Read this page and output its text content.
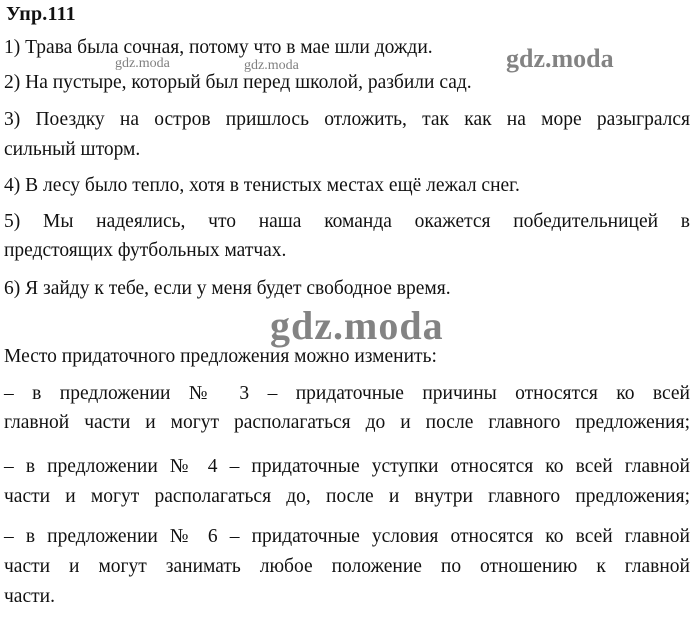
Упр.111
1) Трава была сочная, потому что в мае шли дожди.
2) На пустыре, который был перед школой, разбили сад.
3) Поездку на остров пришлось отложить, так как на море разыгрался
сильный шторм.
4) В лесу было тепло, хотя в тенистых местах ещё лежал снег.
5) Мы надеялись, что наша команда окажется победительницей в
предстоящих футбольных матчах.
6) Я зайду к тебе, если у меня будет свободное время.
Место придаточного предложения можно изменить:
– в предложении № 3 – придаточные причины относятся ко всей
главной части и могут располагаться до и после главного предложения;
– в предложении № 4 – придаточные уступки относятся ко всей главной
части и могут располагаться до, после и внутри главного предложения;
– в предложении № 6 – придаточные условия относятся ко всей главной
части и могут занимать любое положение по отношению к главной
части.
gdz.moda	gdz.moda	gdz.moda
gdz.moda
